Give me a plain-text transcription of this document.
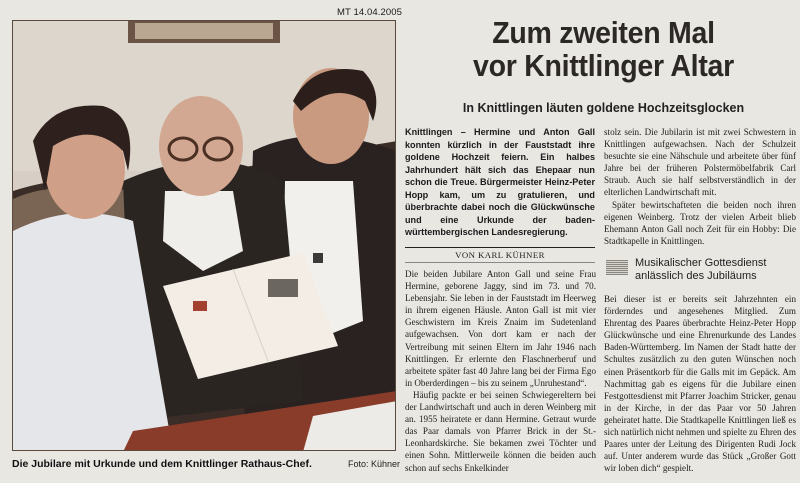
MT 14.04.2005
Die Jubilare mit Urkunde und dem Knittlinger Rathaus-Chef.	Foto: Kühner
Zum zweiten Mal
vor Knittlinger Altar
In Knittlingen läuten goldene Hochzeitsglocken
Knittlingen – Hermine und Anton Gall konnten kürzlich in der Fauststadt ihre goldene Hochzeit feiern. Ein halbes Jahrhundert hält sich das Ehepaar nun schon die Treue. Bürgermeister Heinz-Peter Hopp kam, um zu gratulieren, und überbrachte dabei noch die Glückwünsche und eine Urkunde der baden-württembergischen Landesregierung.
VON KARL KÜHNER

Die beiden Jubilare Anton Gall und seine Frau Hermine, geborene Jaggy, sind im 73. und 70. Lebensjahr. Sie leben in der Fauststadt im Heerweg in ihrem eigenen Häusle. Anton Gall ist mit vier Geschwistern im Kreis Znaim im Sudetenland aufgewachsen. Von dort kam er nach der Vertreibung mit seinen Eltern im Jahr 1946 nach Knittlingen. Er erlernte den Flaschnerberuf und arbeitete später fast 40 Jahre lang bei der Firma Ego in Oberderdingen – bis zu seinem „Unruhestand“.

Häufig packte er bei seinen Schwiegereltern bei der Landwirtschaft und auch in deren Weinberg mit an. 1955 heiratete er dann Hermine. Getraut wurde das Paar damals von Pfarrer Brick in der St.-Leonhardskirche. Sie bekamen zwei Töchter und einen Sohn. Mittlerweile können die beiden auch schon auf sechs Enkelkinder

stolz sein. Die Jubilarin ist mit zwei Schwestern in Knittlingen aufgewachsen. Nach der Schulzeit besuchte sie eine Nähschule und arbeitete über fünf Jahre bei der früheren Polstermöbelfabrik Carl Straub. Auch sie half selbstverständlich in der elterlichen Landwirtschaft mit.

Später bewirtschafteten die beiden noch ihren eigenen Weinberg. Trotz der vielen Arbeit blieb Ehemann Anton Gall noch Zeit für ein Hobby: Die Stadtkapelle in Knittlingen.

Musikalischer Gottesdienst
anlässlich des Jubiläums

Bei dieser ist er bereits seit Jahrzehnten ein förderndes und angesehenes Mitglied. Zum Ehrentag des Paares überbrachte Heinz-Peter Hopp Glückwünsche und eine Ehrenurkunde des Landes Baden-Württemberg. Im Namen der Stadt hatte der Schultes zusätzlich zu den guten Wünschen noch einen Präsentkorb für die Galls mit im Gepäck. Am Nachmittag gab es eigens für die Jubilare einen Festgottesdienst mit Pfarrer Joachim Stricker, genau in der Kirche, in der das Paar vor 50 Jahren geheiratet hatte. Die Stadtkapelle Knittlingen ließ es sich natürlich nicht nehmen und spielte zu Ehren des Paares unter der Leitung des Dirigenten Rudi Jock auf. Unter anderem wurde das Stück „Großer Gott wir loben dich“ gespielt.
